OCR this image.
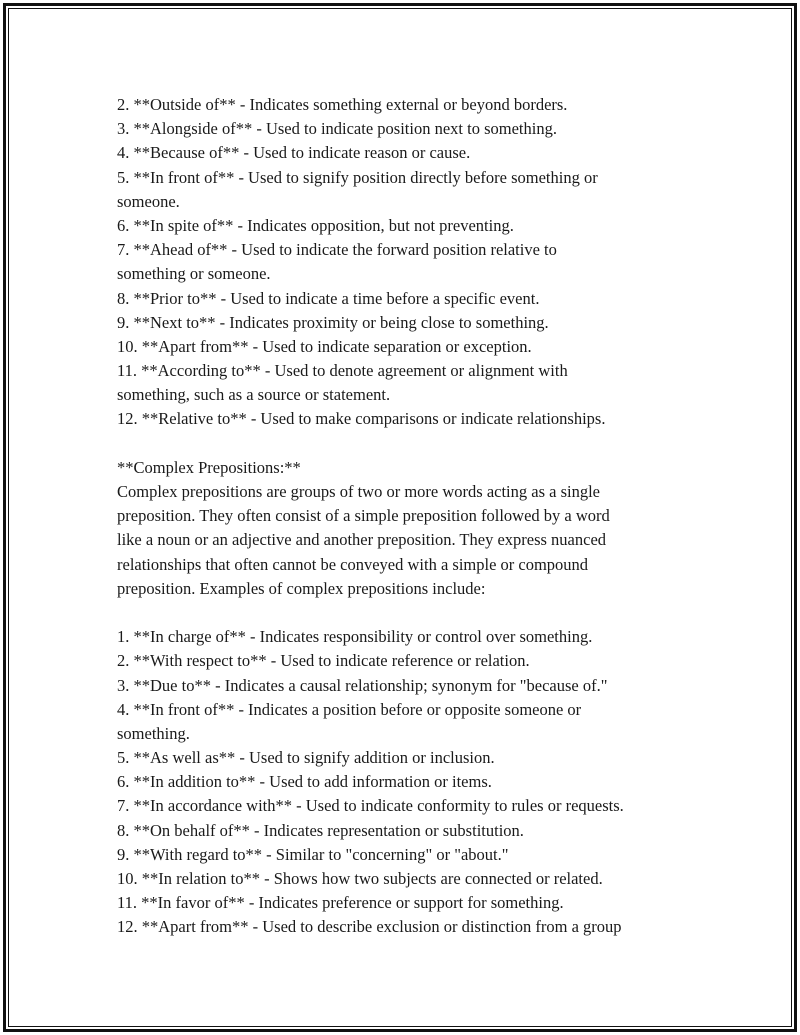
2. **Outside of** - Indicates something external or beyond borders.
3. **Alongside of** - Used to indicate position next to something.
4. **Because of** - Used to indicate reason or cause.
5. **In front of** - Used to signify position directly before something or
someone.
6. **In spite of** - Indicates opposition, but not preventing.
7. **Ahead of** - Used to indicate the forward position relative to
something or someone.
8. **Prior to** - Used to indicate a time before a specific event.
9. **Next to** - Indicates proximity or being close to something.
10. **Apart from** - Used to indicate separation or exception.
11. **According to** - Used to denote agreement or alignment with
something, such as a source or statement.
12. **Relative to** - Used to make comparisons or indicate relationships.
**Complex Prepositions:**
Complex prepositions are groups of two or more words acting as a single
preposition. They often consist of a simple preposition followed by a word
like a noun or an adjective and another preposition. They express nuanced
relationships that often cannot be conveyed with a simple or compound
preposition. Examples of complex prepositions include:
1. **In charge of** - Indicates responsibility or control over something.
2. **With respect to** - Used to indicate reference or relation.
3. **Due to** - Indicates a causal relationship; synonym for "because of."
4. **In front of** - Indicates a position before or opposite someone or
something.
5. **As well as** - Used to signify addition or inclusion.
6. **In addition to** - Used to add information or items.
7. **In accordance with** - Used to indicate conformity to rules or requests.
8. **On behalf of** - Indicates representation or substitution.
9. **With regard to** - Similar to "concerning" or "about."
10. **In relation to** - Shows how two subjects are connected or related.
11. **In favor of** - Indicates preference or support for something.
12. **Apart from** - Used to describe exclusion or distinction from a group
